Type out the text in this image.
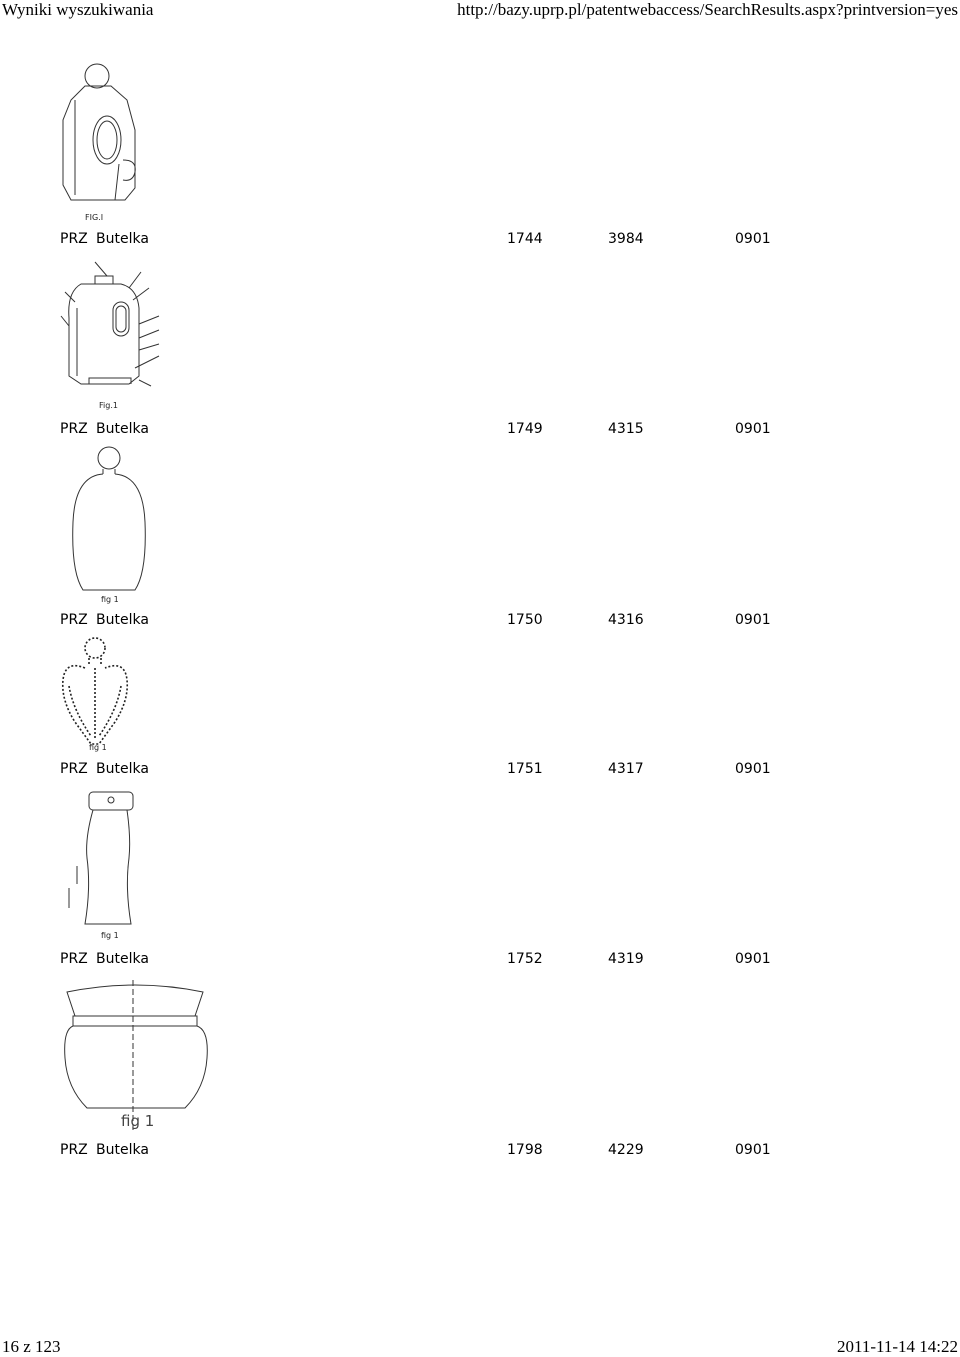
Wyniki wyszukiwania	http://bazy.uprp.pl/patentwebaccess/SearchResults.aspx?printversion=yes
FIG.I
PRZ Butelka	1744	3984	0901
Fig.1
PRZ Butelka	1749	4315	0901
fig 1
PRZ Butelka	1750	4316	0901
fig 1
PRZ Butelka	1751	4317	0901
fig 1
PRZ Butelka	1752	4319	0901
fig 1
PRZ Butelka	1798	4229	0901
16 z 123	2011-11-14 14:22
